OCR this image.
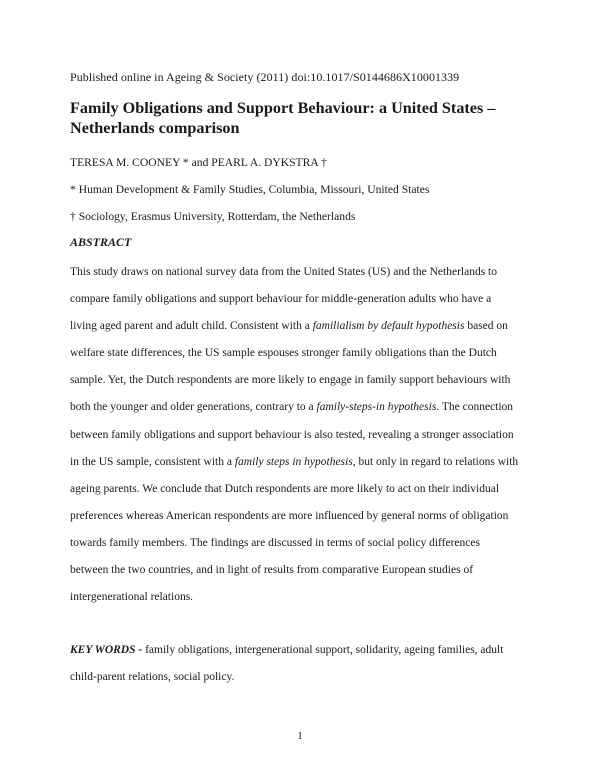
Published online in Ageing & Society (2011) doi:10.1017/S0144686X10001339
Family Obligations and Support Behaviour: a United States –
Netherlands comparison
TERESA M. COONEY * and PEARL A. DYKSTRA †
* Human Development & Family Studies, Columbia, Missouri, United States
† Sociology, Erasmus University, Rotterdam, the Netherlands
ABSTRACT
This study draws on national survey data from the United States (US) and the Netherlands to
compare family obligations and support behaviour for middle-generation adults who have a
living aged parent and adult child. Consistent with a familialism by default hypothesis based on
welfare state differences, the US sample espouses stronger family obligations than the Dutch
sample. Yet, the Dutch respondents are more likely to engage in family support behaviours with
both the younger and older generations, contrary to a family-steps-in hypothesis. The connection
between family obligations and support behaviour is also tested, revealing a stronger association
in the US sample, consistent with a family steps in hypothesis, but only in regard to relations with
ageing parents. We conclude that Dutch respondents are more likely to act on their individual
preferences whereas American respondents are more influenced by general norms of obligation
towards family members. The findings are discussed in terms of social policy differences
between the two countries, and in light of results from comparative European studies of
intergenerational relations.
KEY WORDS - family obligations, intergenerational support, solidarity, ageing families, adult
child-parent relations, social policy.
1
